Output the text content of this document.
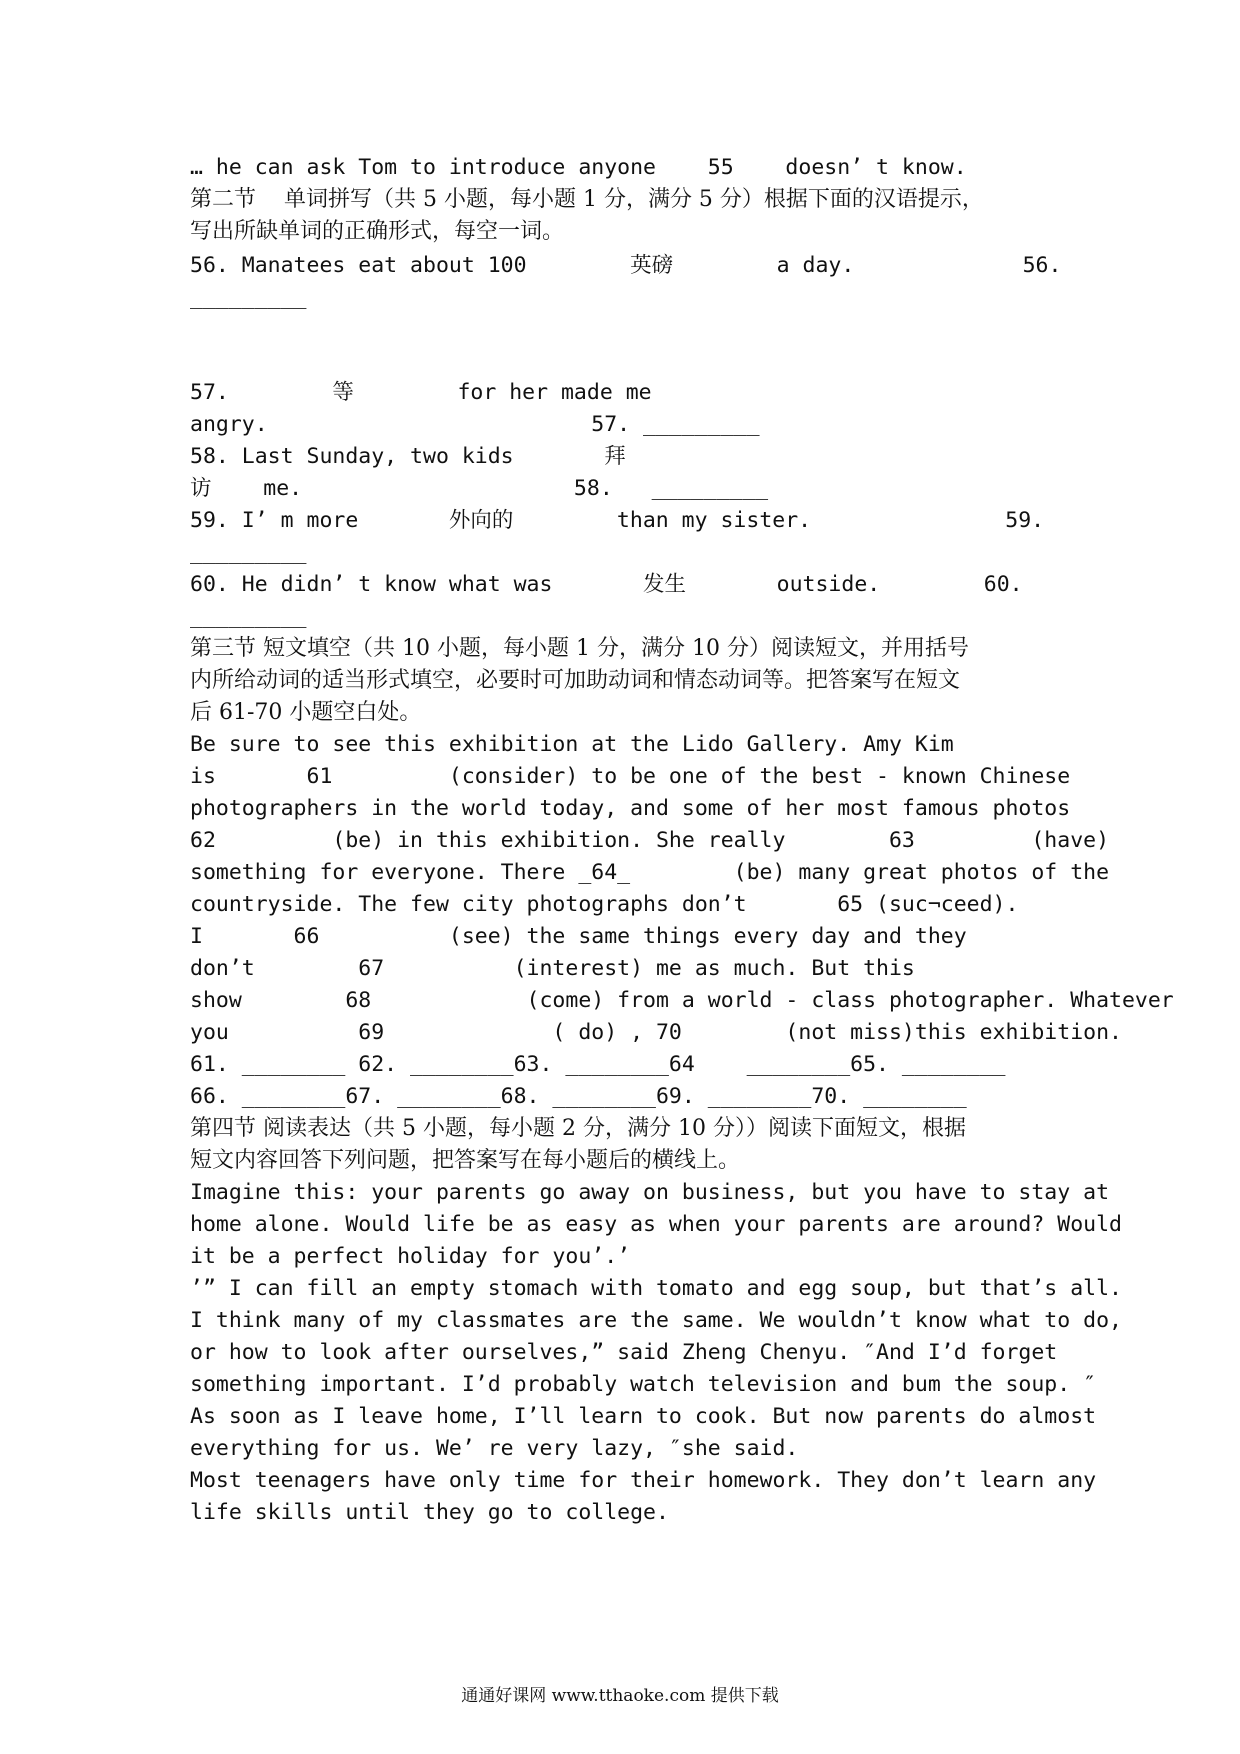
… he can ask Tom to introduce anyone    55    doesn’ t know.
第二节    单词拼写（共 5 小题，每小题 1 分，满分 5 分）根据下面的汉语提示，
写出所缺单词的正确形式，每空一词。
56. Manatees eat about 100        英磅        a day.             56.
_________
57.        等        for her made me
angry.                         57. _________
58. Last Sunday, two kids       拜
访    me.                     58.   _________
59. I’ m more       外向的        than my sister.               59.
_________
60. He didn’ t know what was       发生       outside.        60.
_________
第三节 短文填空（共 10 小题，每小题 1 分，满分 10 分）阅读短文，并用括号
内所给动词的适当形式填空，必要时可加助动词和情态动词等。把答案写在短文
后 61-70 小题空白处。
Be sure to see this exhibition at the Lido Gallery. Amy Kim
is       61         (consider) to be one of the best - known Chinese
photographers in the world today, and some of her most famous photos
62         (be) in this exhibition. She really        63         (have)
something for everyone. There _64_        (be) many great photos of the
countryside. The few city photographs don’t       65 (suc¬ceed).
I       66          (see) the same things every day and they
don’t        67          (interest) me as much. But this
show        68            (come) from a world - class photographer. Whatever
you          69             ( do) , 70        (not miss)this exhibition.
61. ________ 62. ________63. ________64    ________65. ________
66. ________67. ________68. ________69. ________70. ________
第四节 阅读表达（共 5 小题，每小题 2 分，满分 10 分））阅读下面短文，根据
短文内容回答下列问题，把答案写在每小题后的横线上。
Imagine this: your parents go away on business, but you have to stay at
home alone. Would life be as easy as when your parents are around? Would
it be a perfect holiday for you’.’
’” I can fill an empty stomach with tomato and egg soup, but that’s all.
I think many of my classmates are the same. We wouldn’t know what to do,
or how to look after ourselves,” said Zheng Chenyu. ″And I’d forget
something important. I’d probably watch television and bum the soup. ″
As soon as I leave home, I’ll learn to cook. But now parents do almost
everything for us. We’ re very lazy, ″she said.
Most teenagers have only time for their homework. They don’t learn any
life skills until they go to college.
通通好课网 www.tthaoke.com 提供下载
